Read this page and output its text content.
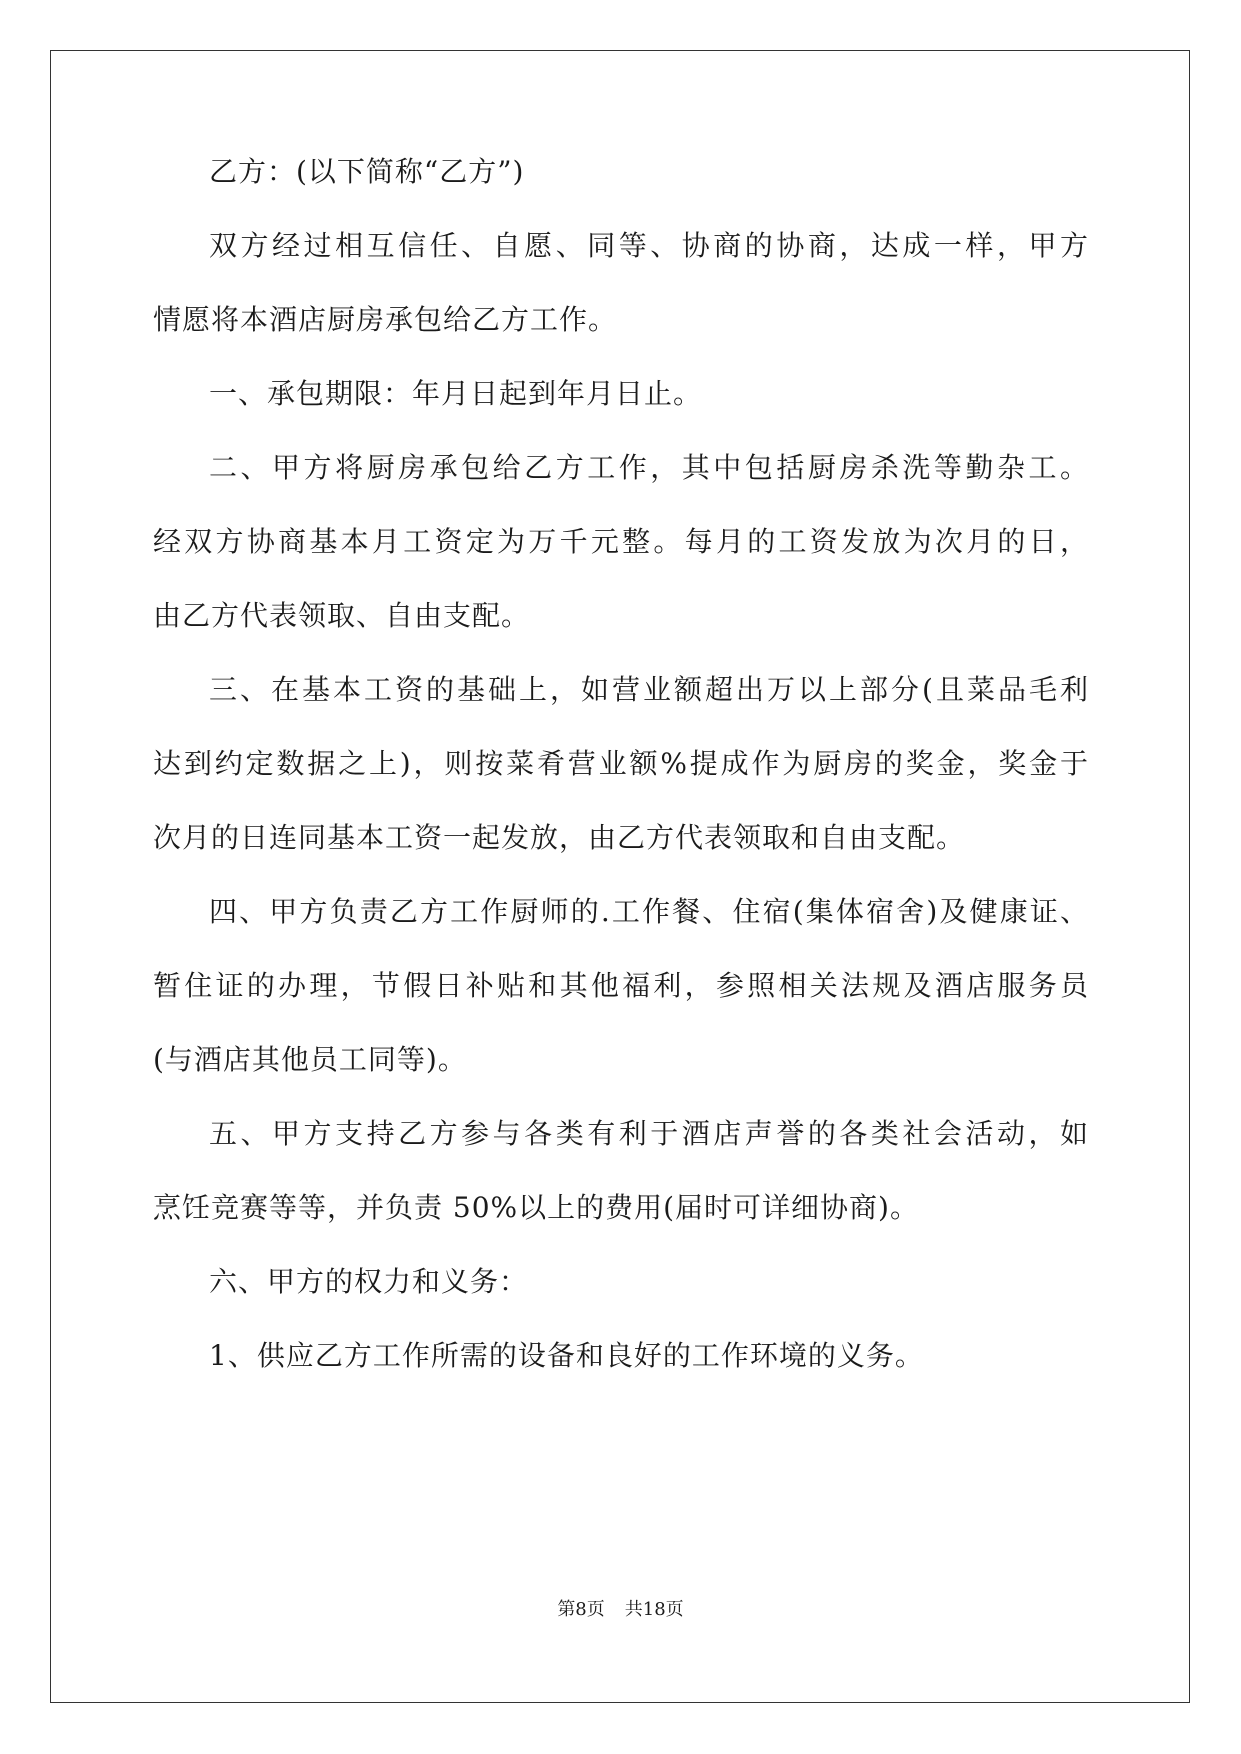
乙方：(以下简称“乙方”)
双方经过相互信任、自愿、同等、协商的协商，达成一样，甲方
情愿将本酒店厨房承包给乙方工作。
一、承包期限：年月日起到年月日止。
二、甲方将厨房承包给乙方工作，其中包括厨房杀洗等勤杂工。
经双方协商基本月工资定为万千元整。每月的工资发放为次月的日，
由乙方代表领取、自由支配。
三、在基本工资的基础上，如营业额超出万以上部分(且菜品毛利
达到约定数据之上)，则按菜肴营业额%提成作为厨房的奖金，奖金于
次月的日连同基本工资一起发放，由乙方代表领取和自由支配。
四、甲方负责乙方工作厨师的.工作餐、住宿(集体宿舍)及健康证、
暂住证的办理，节假日补贴和其他福利，参照相关法规及酒店服务员
(与酒店其他员工同等)。
五、甲方支持乙方参与各类有利于酒店声誉的各类社会活动，如
烹饪竞赛等等，并负责 50%以上的费用(届时可详细协商)。
六、甲方的权力和义务：
1、供应乙方工作所需的设备和良好的工作环境的义务。
第8页 共18页
